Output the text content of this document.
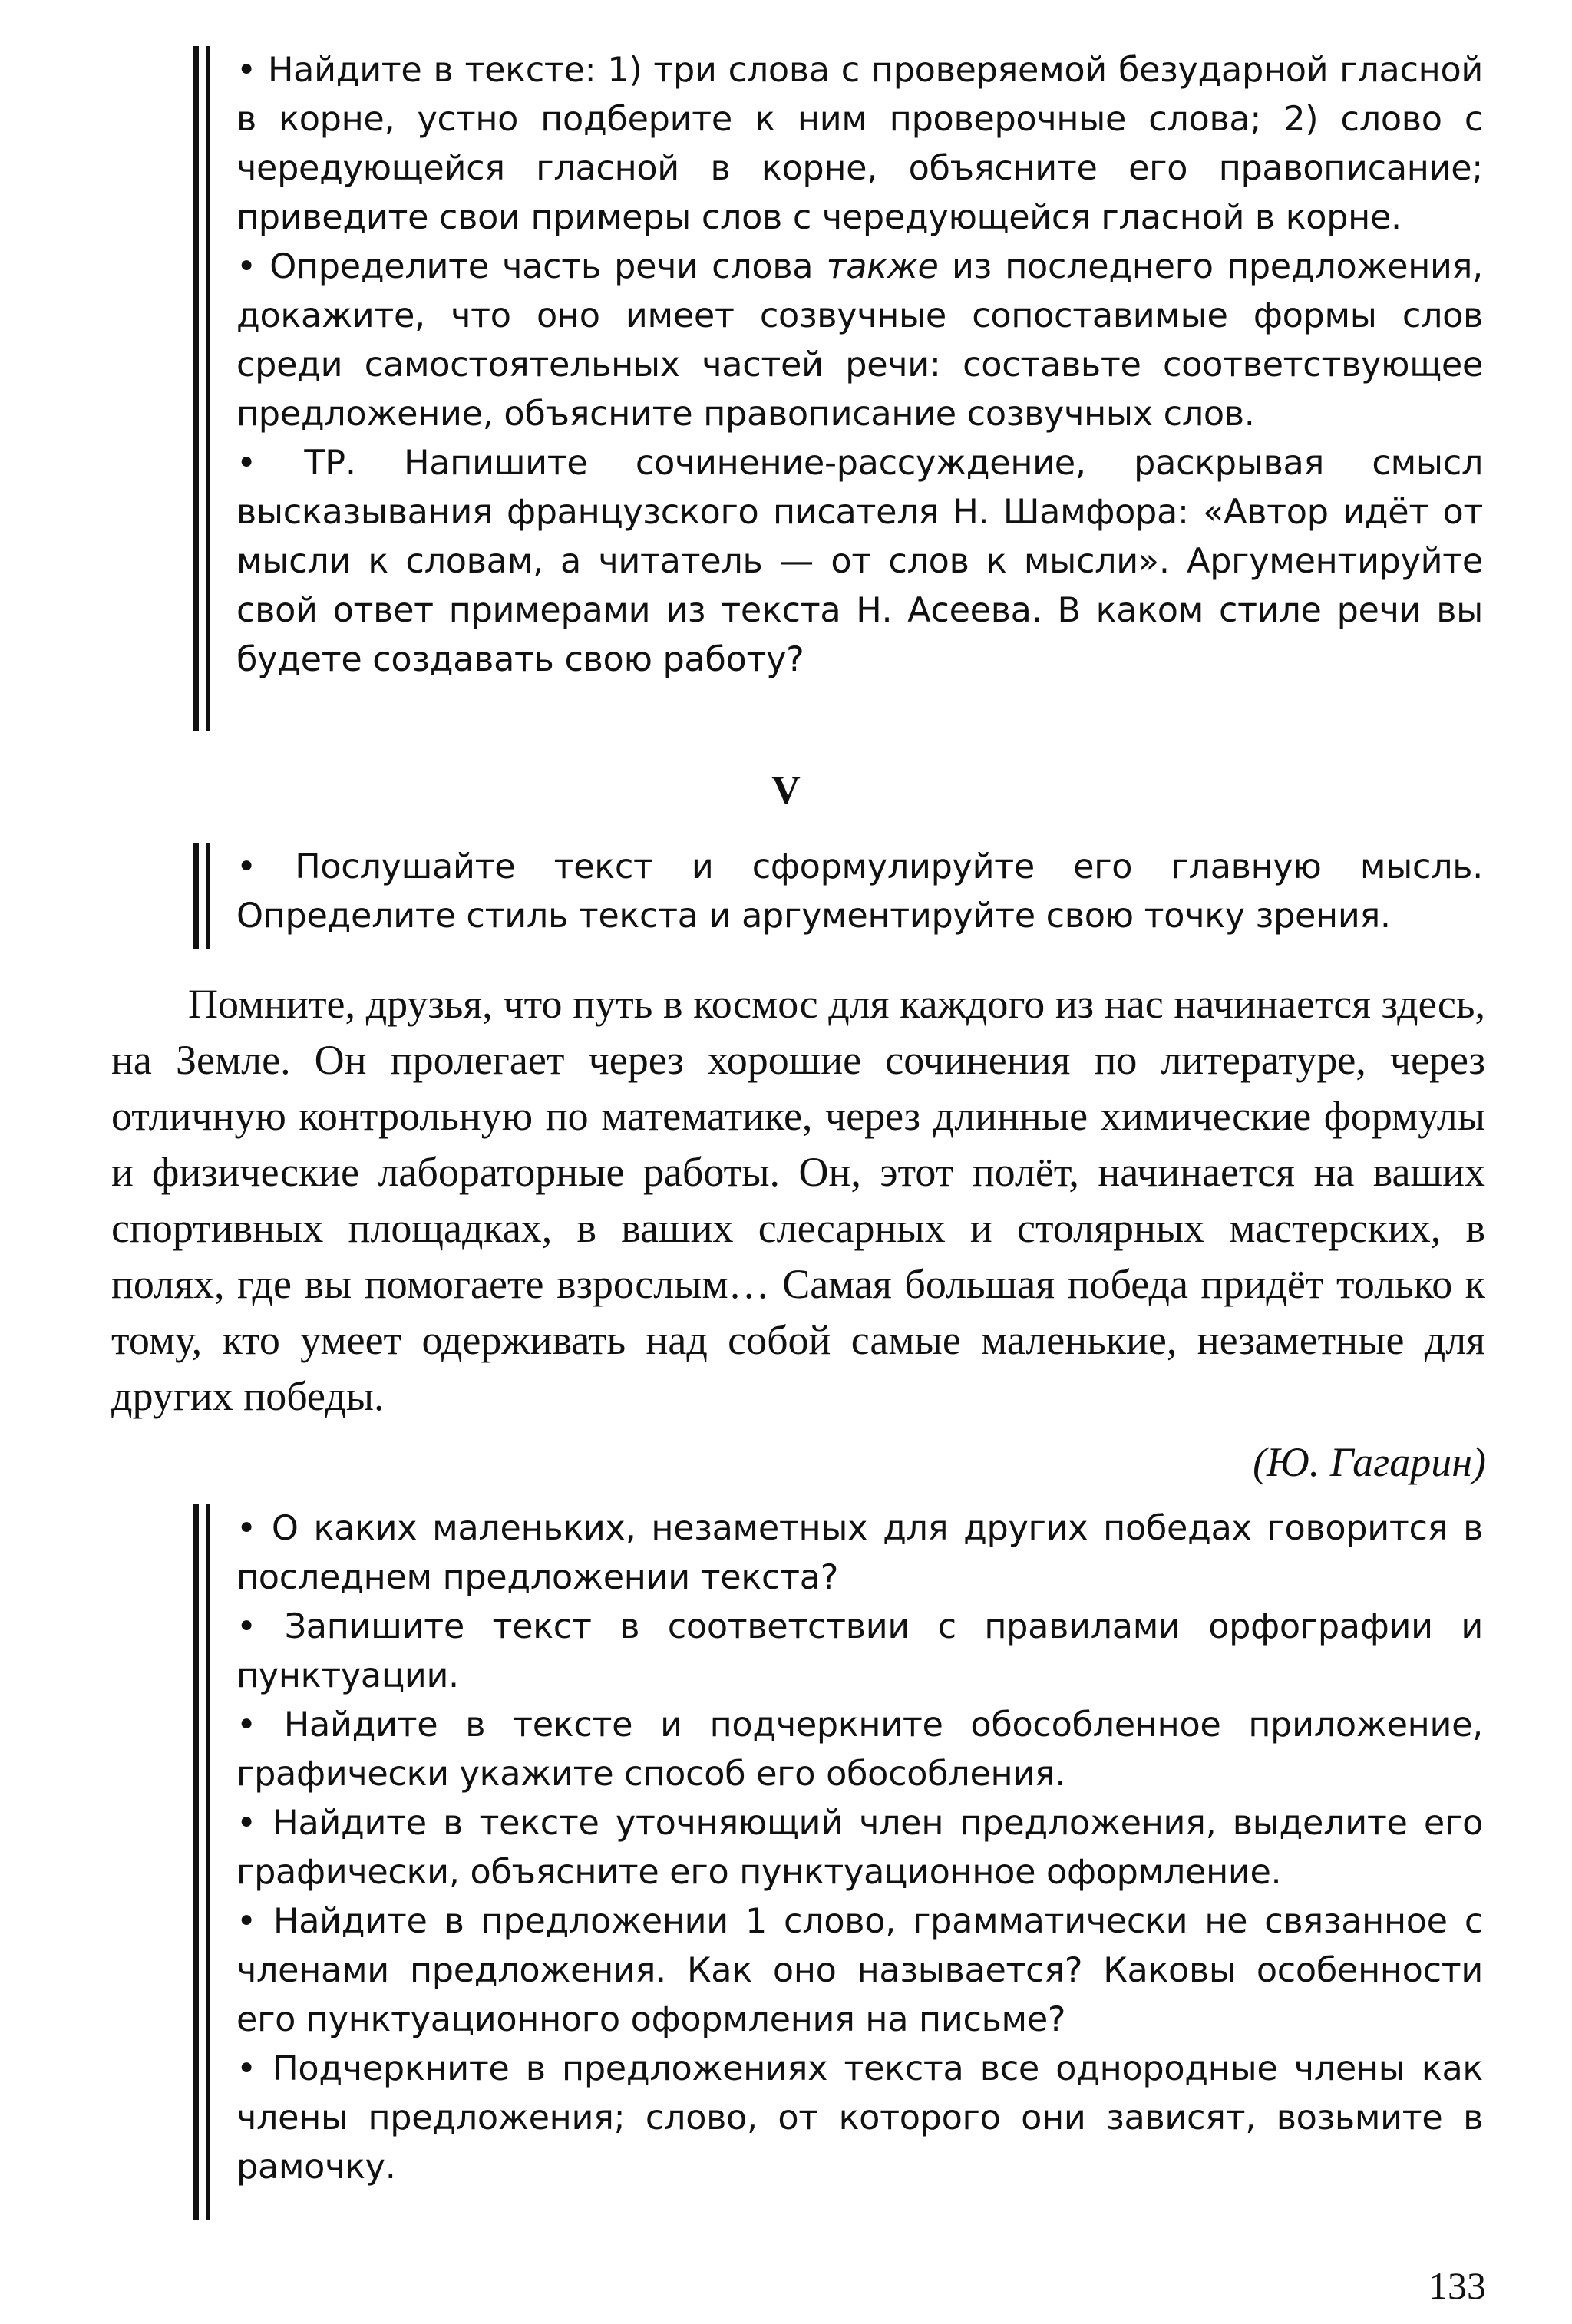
• Найдите в тексте: 1) три слова с проверяемой безударной гласной в корне, устно подберите к ним проверочные слова; 2) слово с чередующейся гласной в корне, объясните его правописание; приведите свои примеры слов с чередующейся гласной в корне.
• Определите часть речи слова также из последнего предложения, докажите, что оно имеет созвучные сопоставимые формы слов среди самостоятельных частей речи: составьте соответствующее предложение, объясните правописание созвучных слов.
• ТР. Напишите сочинение-рассуждение, раскрывая смысл высказывания французского писателя Н. Шамфора: «Автор идёт от мысли к словам, а читатель — от слов к мысли». Аргументируйте свой ответ примерами из текста Н. Асеева. В каком стиле речи вы будете создавать свою работу?
V
• Послушайте текст и сформулируйте его главную мысль. Определите стиль текста и аргументируйте свою точку зрения.

Помните, друзья, что путь в космос для каждого из нас начинается здесь, на Земле. Он пролегает через хорошие сочинения по литературе, через отличную контрольную по математике, через длинные химические формулы и физические лабораторные работы. Он, этот полёт, начинается на ваших спортивных площадках, в ваших слесарных и столярных мастерских, в полях, где вы помогаете взрослым… Самая большая победа придёт только к тому, кто умеет одерживать над собой самые маленькие, незаметные для других победы.

(Ю. Гагарин)
• О каких маленьких, незаметных для других победах говорится в последнем предложении текста?
• Запишите текст в соответствии с правилами орфографии и пунктуации.
• Найдите в тексте и подчеркните обособленное приложение, графически укажите способ его обособления.
• Найдите в тексте уточняющий член предложения, выделите его графически, объясните его пунктуационное оформление.
• Найдите в предложении 1 слово, грамматически не связанное с членами предложения. Как оно называется? Каковы особенности его пунктуационного оформления на письме?
• Подчеркните в предложениях текста все однородные члены как члены предложения; слово, от которого они зависят, возьмите в рамочку.
133
